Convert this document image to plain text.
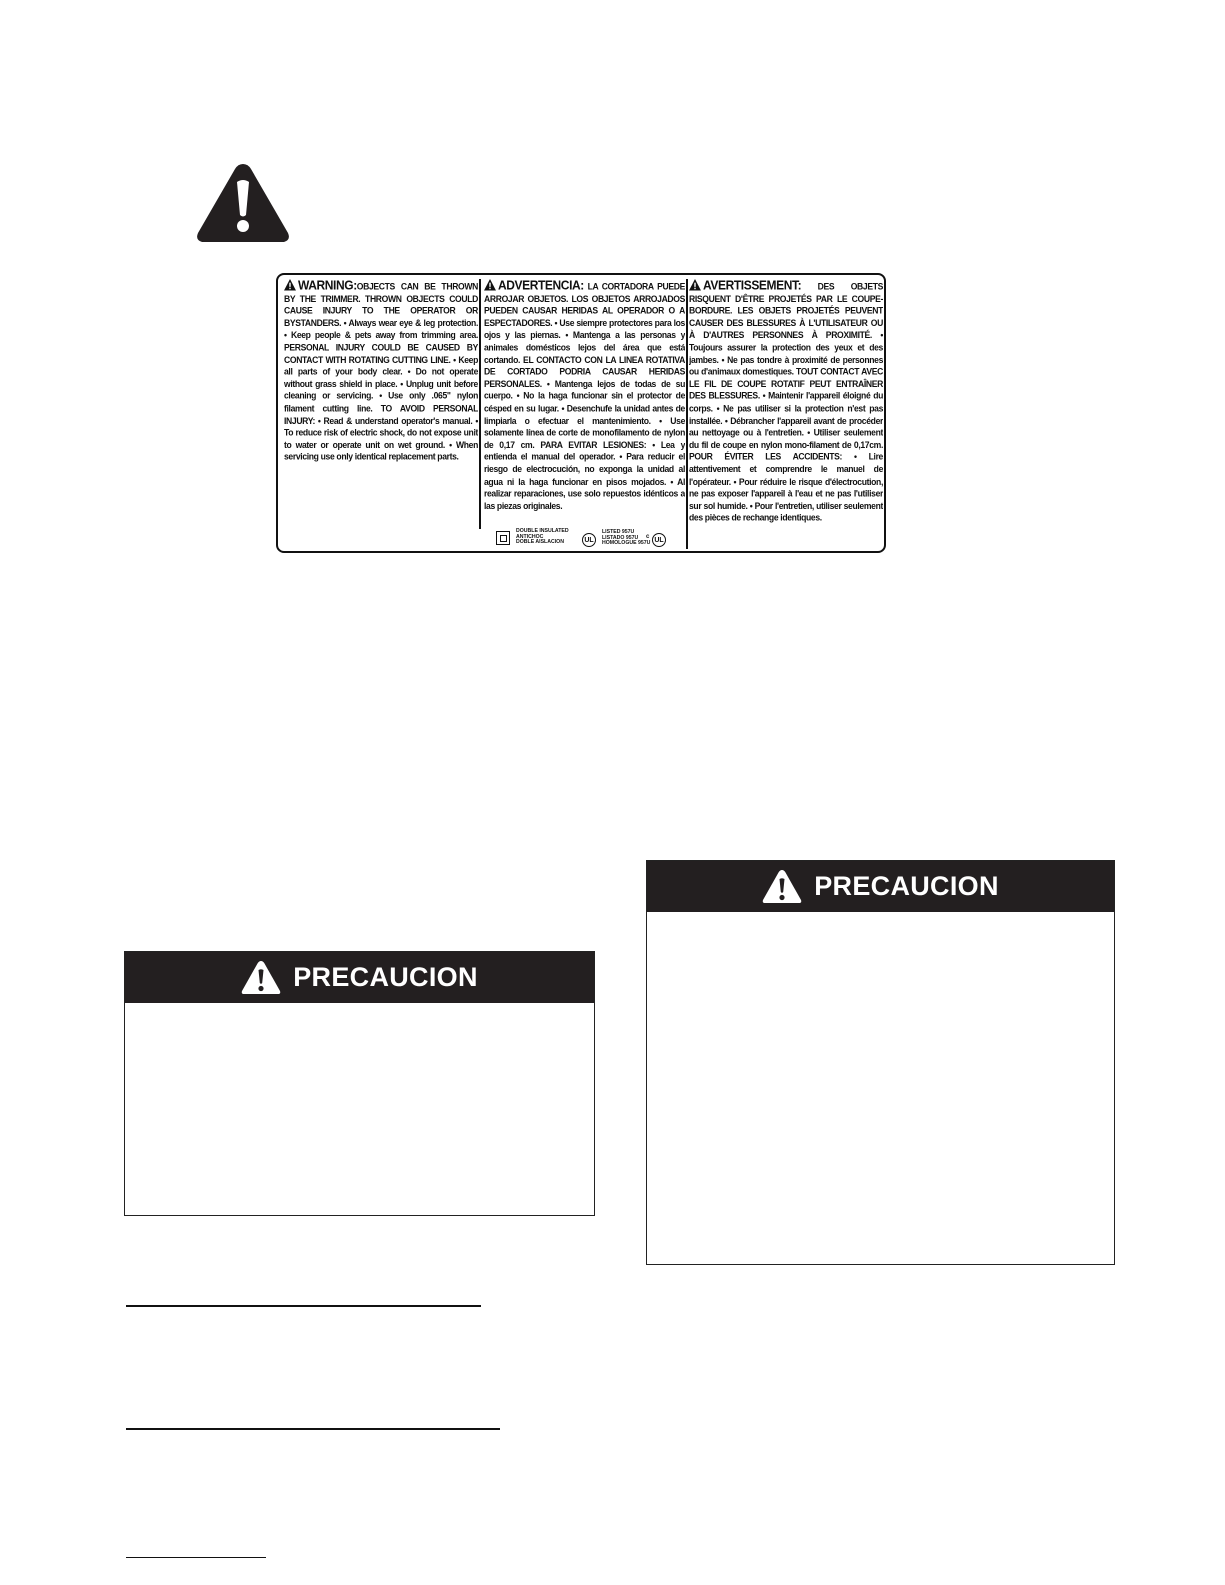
WARNING:OBJECTS CAN BE THROWN BY THE TRIMMER. THROWN OBJECTS COULD CAUSE INJURY TO THE OPERATOR OR BYSTANDERS. • Always wear eye & leg protection. • Keep people & pets away from trimming area. PERSONAL INJURY COULD BE CAUSED BY CONTACT WITH ROTATING CUTTING LINE. • Keep all parts of your body clear. • Do not operate without grass shield in place. • Unplug unit before cleaning or servicing. • Use only .065" nylon filament cutting line. TO AVOID PERSONAL INJURY: • Read & understand operator's manual. • To reduce risk of electric shock, do not expose unit to water or operate unit on wet ground. • When servicing use only identical replacement parts.
ADVERTENCIA: LA CORTADORA PUEDE ARROJAR OBJETOS. LOS OBJETOS ARROJADOS PUEDEN CAUSAR HERIDAS AL OPERADOR O A ESPECTADORES. • Use siempre protectores para los ojos y las piernas. • Mantenga a las personas y animales domésticos lejos del área que está cortando. EL CONTACTO CON LA LINEA ROTATIVA DE CORTADO PODRIA CAUSAR HERIDAS PERSONALES. • Mantenga lejos de todas de su cuerpo. • No la haga funcionar sin el protector de césped en su lugar. • Desenchufe la unidad antes de limpiarla o efectuar el mantenimiento. • Use solamente línea de corte de monofilamento de nylon de 0,17 cm. PARA EVITAR LESIONES: • Lea y entienda el manual del operador. • Para reducir el riesgo de electrocución, no exponga la unidad al agua ni la haga funcionar en pisos mojados. • Al realizar reparaciones, use solo repuestos idénticos a las piezas originales.
AVERTISSEMENT: DES OBJETS RISQUENT D'ÊTRE PROJETÉS PAR LE COUPE-BORDURE. LES OBJETS PROJETÉS PEUVENT CAUSER DES BLESSURES À L'UTILISATEUR OU À D'AUTRES PERSONNES À PROXIMITÉ. • Toujours assurer la protection des yeux et des jambes. • Ne pas tondre à proximité de personnes ou d'animaux domestiques. TOUT CONTACT AVEC LE FIL DE COUPE ROTATIF PEUT ENTRAÎNER DES BLESSURES. • Maintenir l'appareil éloigné du corps. • Ne pas utiliser si la protection n'est pas installée. • Débrancher l'appareil avant de procéder au nettoyage ou à l'entretien. • Utiliser seulement du fil de coupe en nylon mono-filament de 0,17cm. POUR ÉVITER LES ACCIDENTS: • Lire attentivement et comprendre le manuel de l'opérateur. • Pour réduire le risque d'électrocution, ne pas exposer l'appareil à l'eau et ne pas l'utiliser sur sol humide. • Pour l'entretien, utiliser seulement des pièces de rechange identiques.
DOUBLE INSULATED
ANTICHOC
DOBLE AISLACION	UL
LISTED 957U
LISTADO 957U
HOMOLOGUE 957U
c UL
PRECAUCION
PRECAUCION
